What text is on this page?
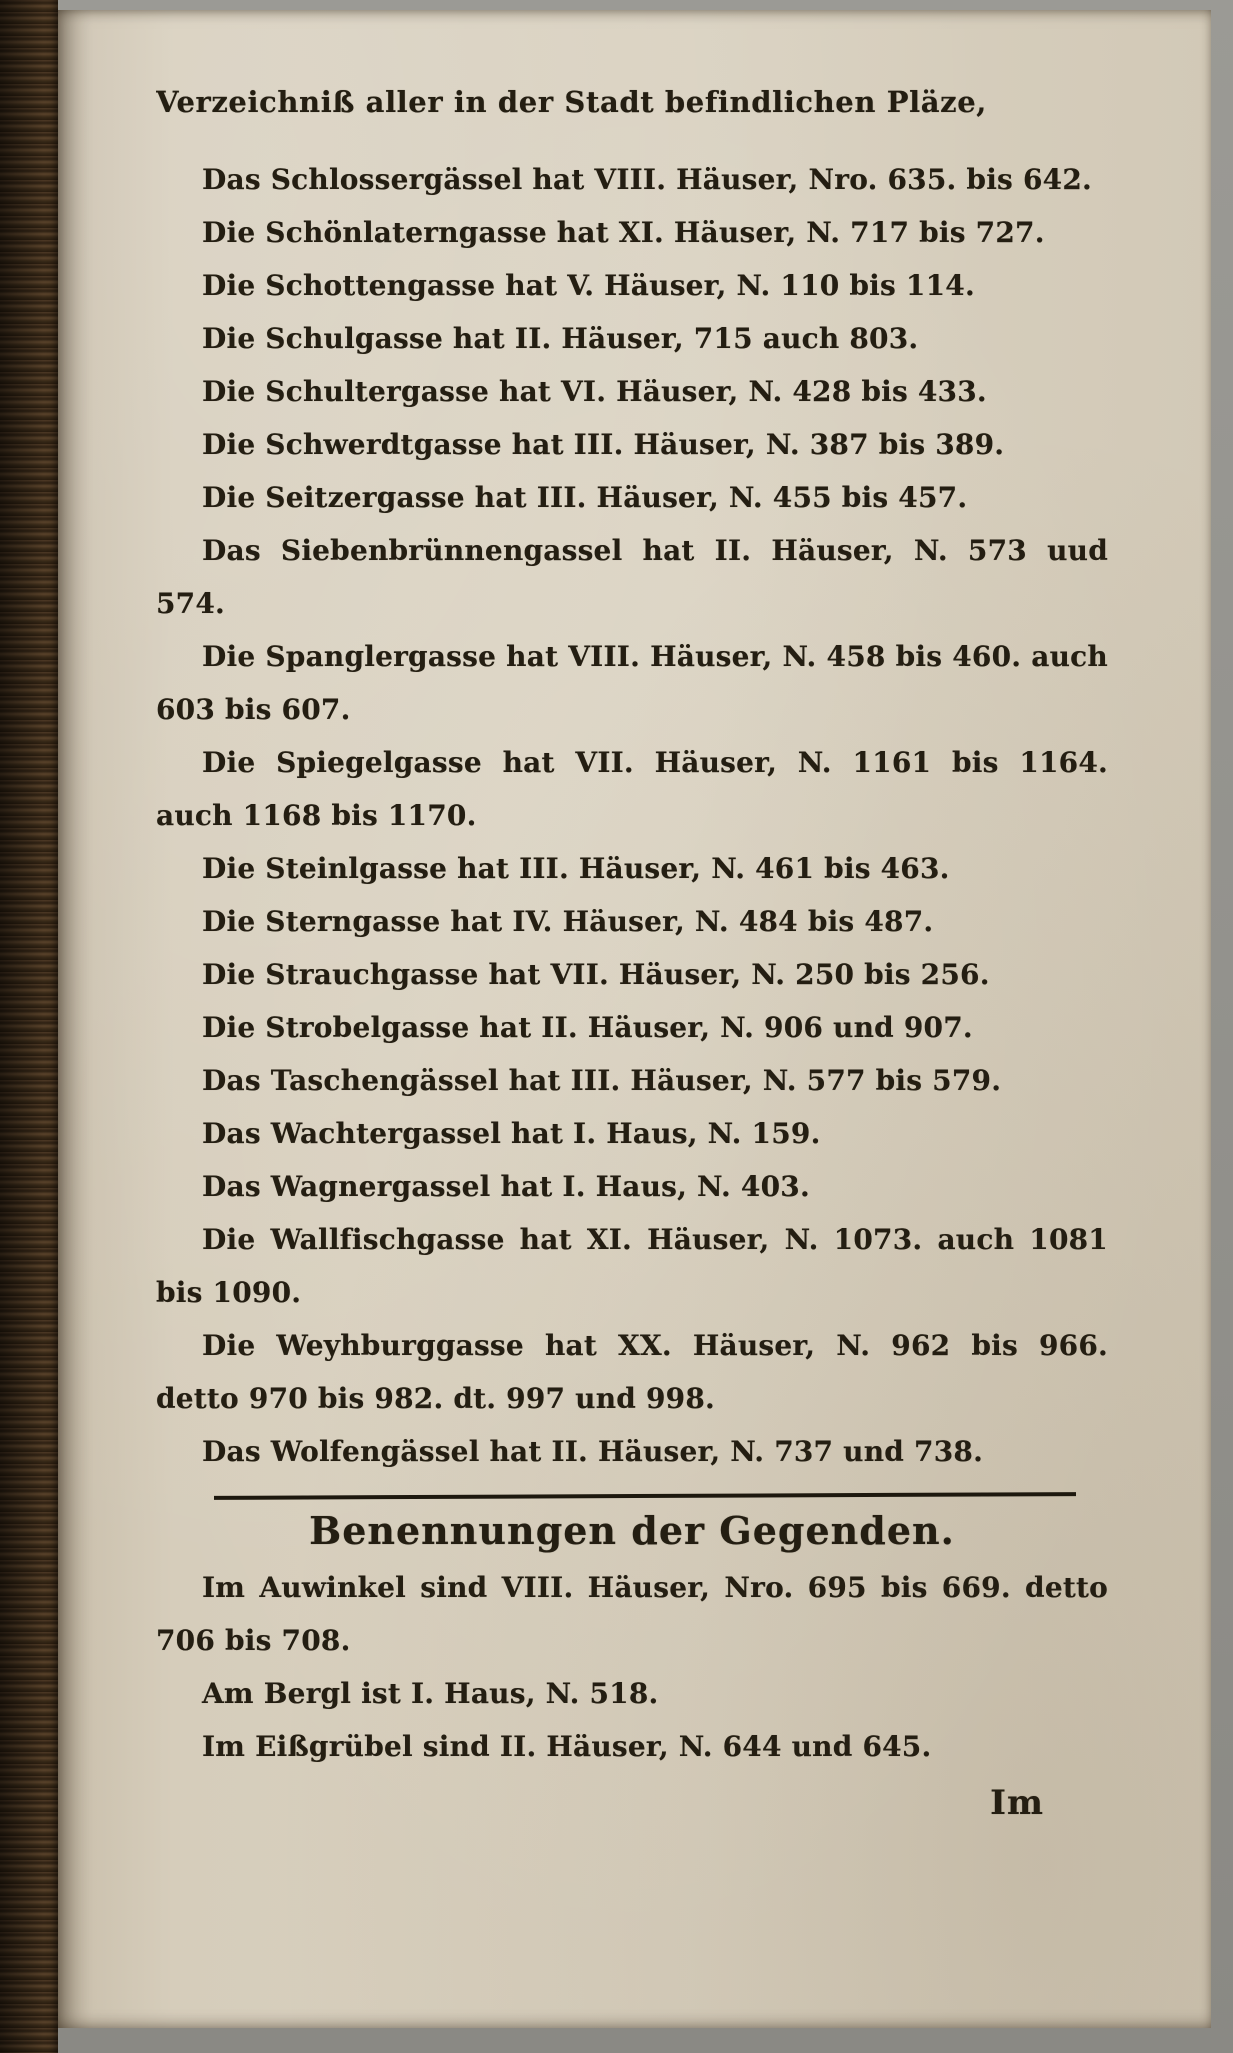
Verzeichniß aller in der Stadt befindlichen Pläze,

Das Schlossergässel hat VIII. Häuser, Nro. 635. bis 642.

Die Schönlaterngasse hat XI. Häuser, N. 717 bis 727.

Die Schottengasse hat V. Häuser, N. 110 bis 114.

Die Schulgasse hat II. Häuser, 715 auch 803.

Die Schultergasse hat VI. Häuser, N. 428 bis 433.

Die Schwerdtgasse hat III. Häuser, N. 387 bis 389.

Die Seitzergasse hat III. Häuser, N. 455 bis 457.

Das Siebenbrünnengassel hat II. Häuser, N. 573 uud 574.

Die Spanglergasse hat VIII. Häuser, N. 458 bis 460. auch 603 bis 607.

Die Spiegelgasse hat VII. Häuser, N. 1161 bis 1164. auch 1168 bis 1170.

Die Steinlgasse hat III. Häuser, N. 461 bis 463.

Die Sterngasse hat IV. Häuser, N. 484 bis 487.

Die Strauchgasse hat VII. Häuser, N. 250 bis 256.

Die Strobelgasse hat II. Häuser, N. 906 und 907.

Das Taschengässel hat III. Häuser, N. 577 bis 579.

Das Wachtergassel hat I. Haus, N. 159.

Das Wagnergassel hat I. Haus, N. 403.

Die Wallfischgasse hat XI. Häuser, N. 1073. auch 1081 bis 1090.

Die Weyhburggasse hat XX. Häuser, N. 962 bis 966. detto 970 bis 982. dt. 997 und 998.

Das Wolfengässel hat II. Häuser, N. 737 und 738.

Benennungen der Gegenden.

Im Auwinkel sind VIII. Häuser, Nro. 695 bis 669. detto 706 bis 708.

Am Bergl ist I. Haus, N. 518.

Im Eißgrübel sind II. Häuser, N. 644 und 645.

Im
